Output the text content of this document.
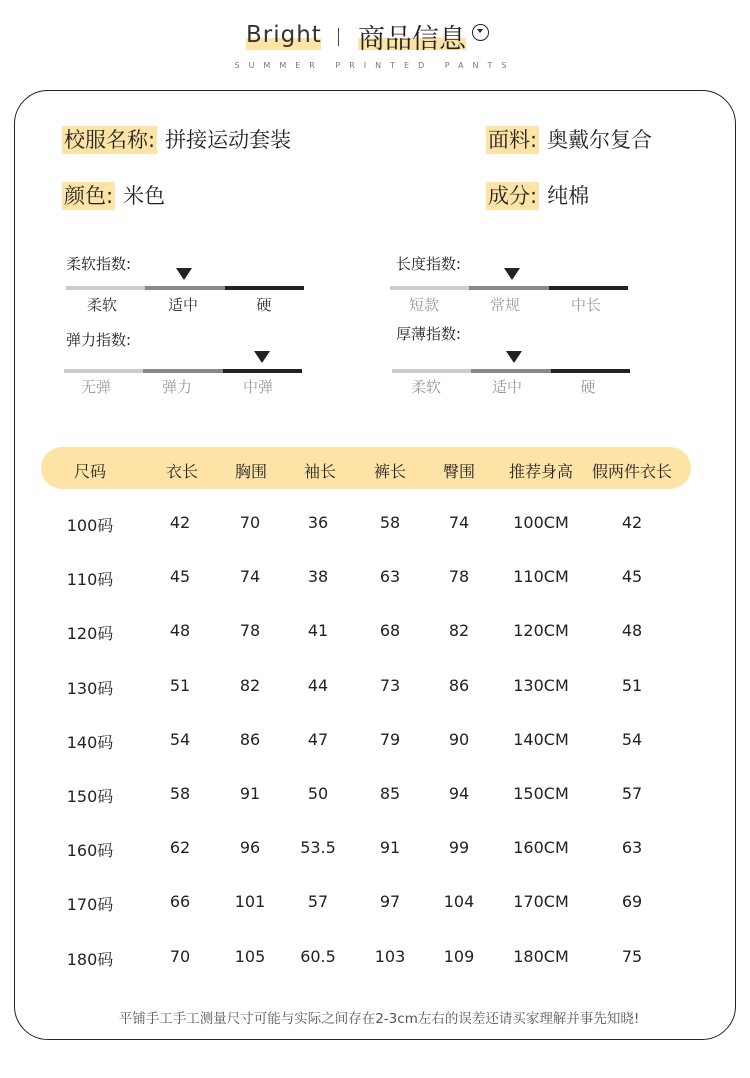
Bright 商品信息
SUMMER PRINTED PANTS
校服名称: 拼接运动套装	面料: 奥戴尔复合
颜色: 米色	成分: 纯棉
柔软指数:
柔软	适中	硬
长度指数:
短款	常规	中长
弹力指数:
无弹	弹力	中弹
厚薄指数:
柔软	适中	硬
尺码	衣长 胸围 袖长 裤长 臀围 推荐身高 假两件衣长
100码	42	70	36	58	74	100CM	42
110码	45	74	38	63	78	110CM	45
120码	48	78	41	68	82	120CM	48
130码	51	82	44	73	86	130CM	51
140码	54	86	47	79	90	140CM	54
150码	58	91	50	85	94	150CM	57
160码	62	96	53.5	91	99	160CM	63
170码	66	101	57	97	104 170CM	69
180码	70	105 60.5 103 109 180CM	75
平铺手工手工测量尺寸可能与实际之间存在2-3cm左右的误差还请买家理解并事先知晓!
